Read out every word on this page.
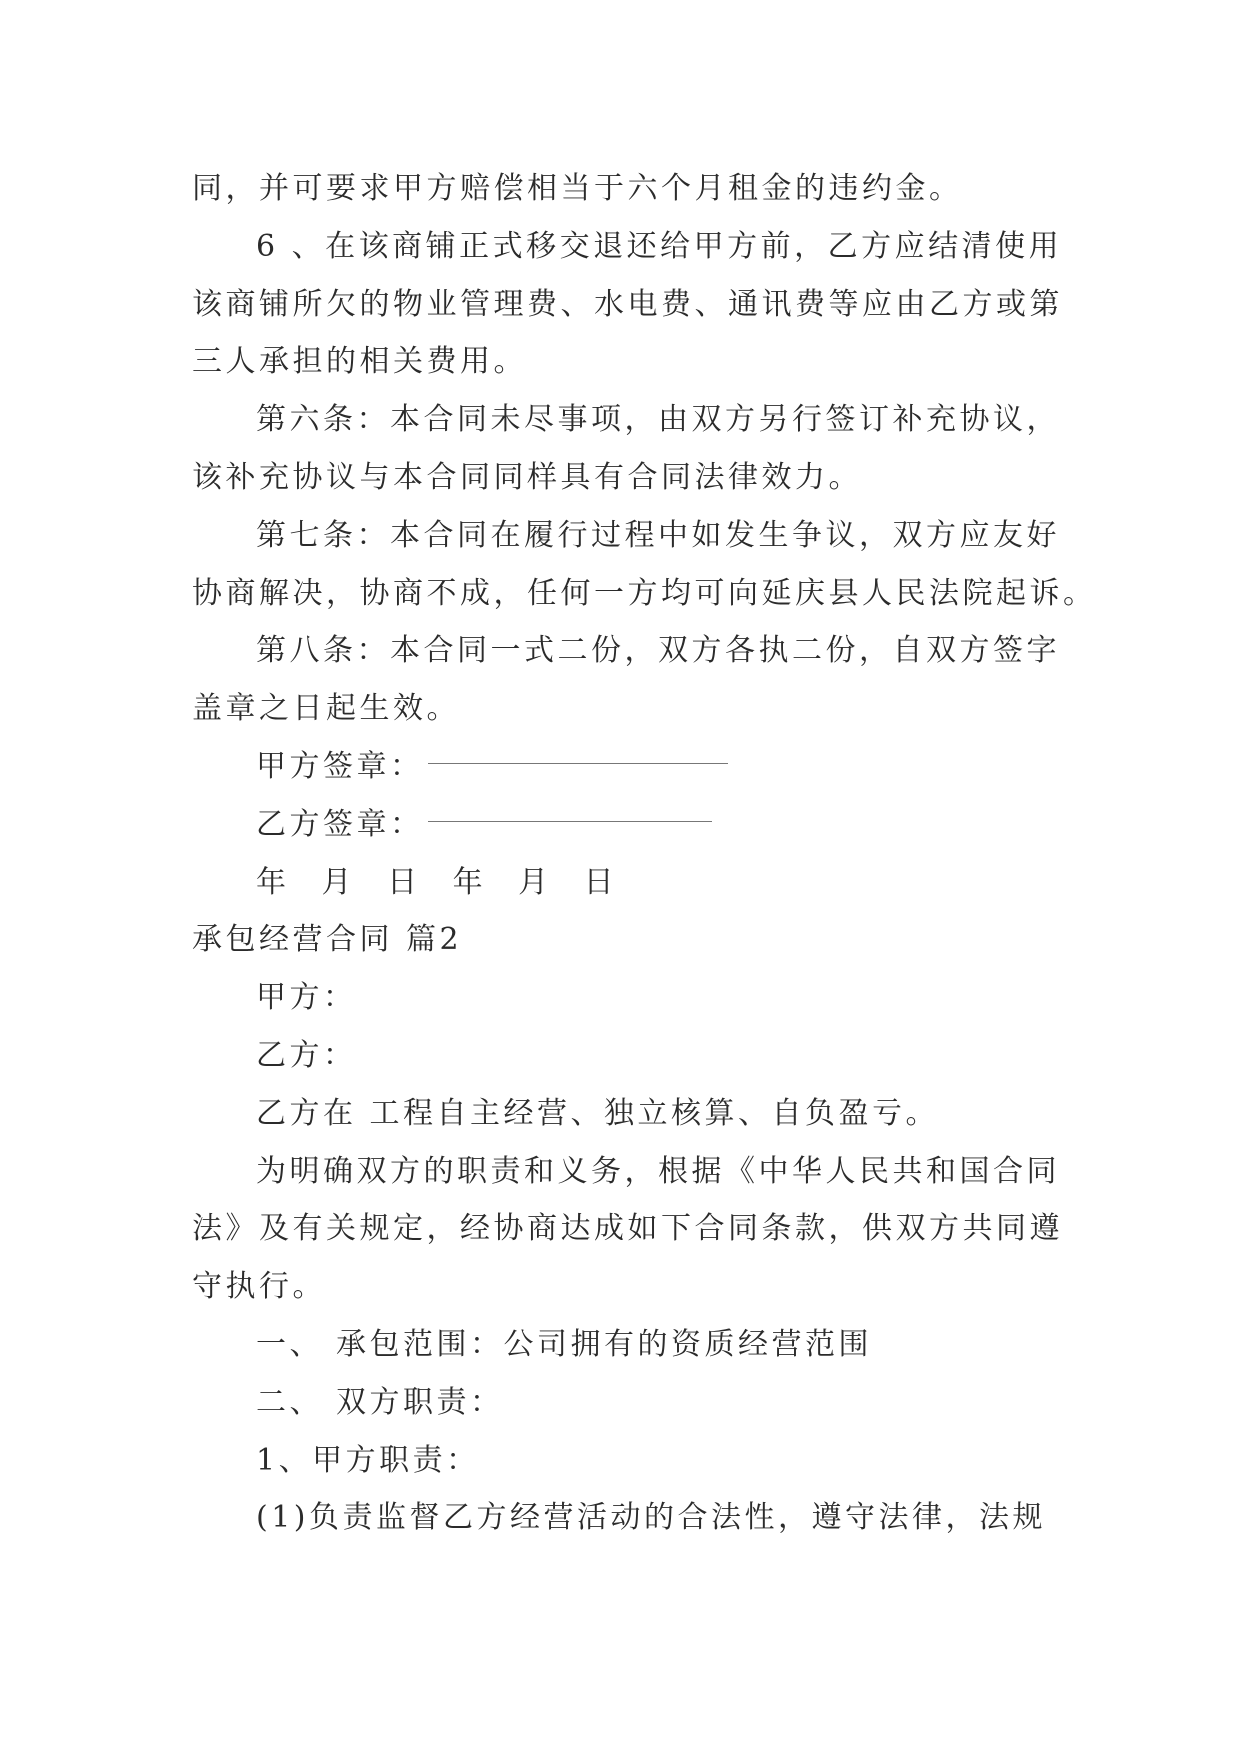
同，并可要求甲方赔偿相当于六个月租金的违约金。

6 、在该商铺正式移交退还给甲方前，乙方应结清使用

该商铺所欠的物业管理费、水电费、通讯费等应由乙方或第

三人承担的相关费用。

第六条：本合同未尽事项，由双方另行签订补充协议，

该补充协议与本合同同样具有合同法律效力。

第七条：本合同在履行过程中如发生争议，双方应友好

协商解决，协商不成，任何一方均可向延庆县人民法院起诉。

第八条：本合同一式二份，双方各执二份，自双方签字

盖章之日起生效。

甲方签章：

乙方签章：

年 月 日 年 月 日

承包经营合同 篇2

甲方：

乙方：

乙方在 工程自主经营、独立核算、自负盈亏。

为明确双方的职责和义务，根据《中华人民共和国合同

法》及有关规定，经协商达成如下合同条款，供双方共同遵

守执行。

一、 承包范围：公司拥有的资质经营范围

二、 双方职责：

1、甲方职责：

(1)负责监督乙方经营活动的合法性，遵守法律，法规
